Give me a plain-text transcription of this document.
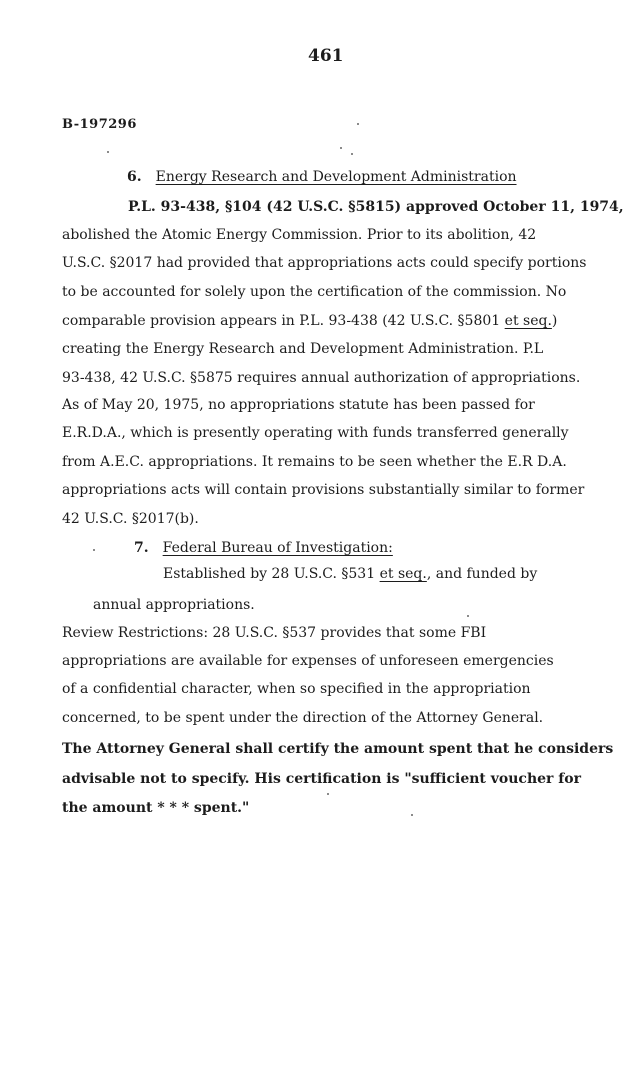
461
B-197296
6. Energy Research and Development Administration
P.L. 93-438, §104 (42 U.S.C. §5815) approved October 11, 1974,
abolished the Atomic Energy Commission. Prior to its abolition, 42
U.S.C. §2017 had provided that appropriations acts could specify portions
to be accounted for solely upon the certification of the commission. No
comparable provision appears in P.L. 93-438 (42 U.S.C. §5801 et seq.)
creating the Energy Research and Development Administration. P.L
93-438, 42 U.S.C. §5875 requires annual authorization of appropriations.
As of May 20, 1975, no appropriations statute has been passed for
E.R.D.A., which is presently operating with funds transferred generally
from A.E.C. appropriations. It remains to be seen whether the E.R D.A.
appropriations acts will contain provisions substantially similar to former
42 U.S.C. §2017(b).
7. Federal Bureau of Investigation:
Established by 28 U.S.C. §531 et seq., and funded by
annual appropriations.
Review Restrictions: 28 U.S.C. §537 provides that some FBI
appropriations are available for expenses of unforeseen emergencies
of a confidential character, when so specified in the appropriation
concerned, to be spent under the direction of the Attorney General.
The Attorney General shall certify the amount spent that he considers
advisable not to specify. His certification is "sufficient voucher for
the amount * * * spent."
